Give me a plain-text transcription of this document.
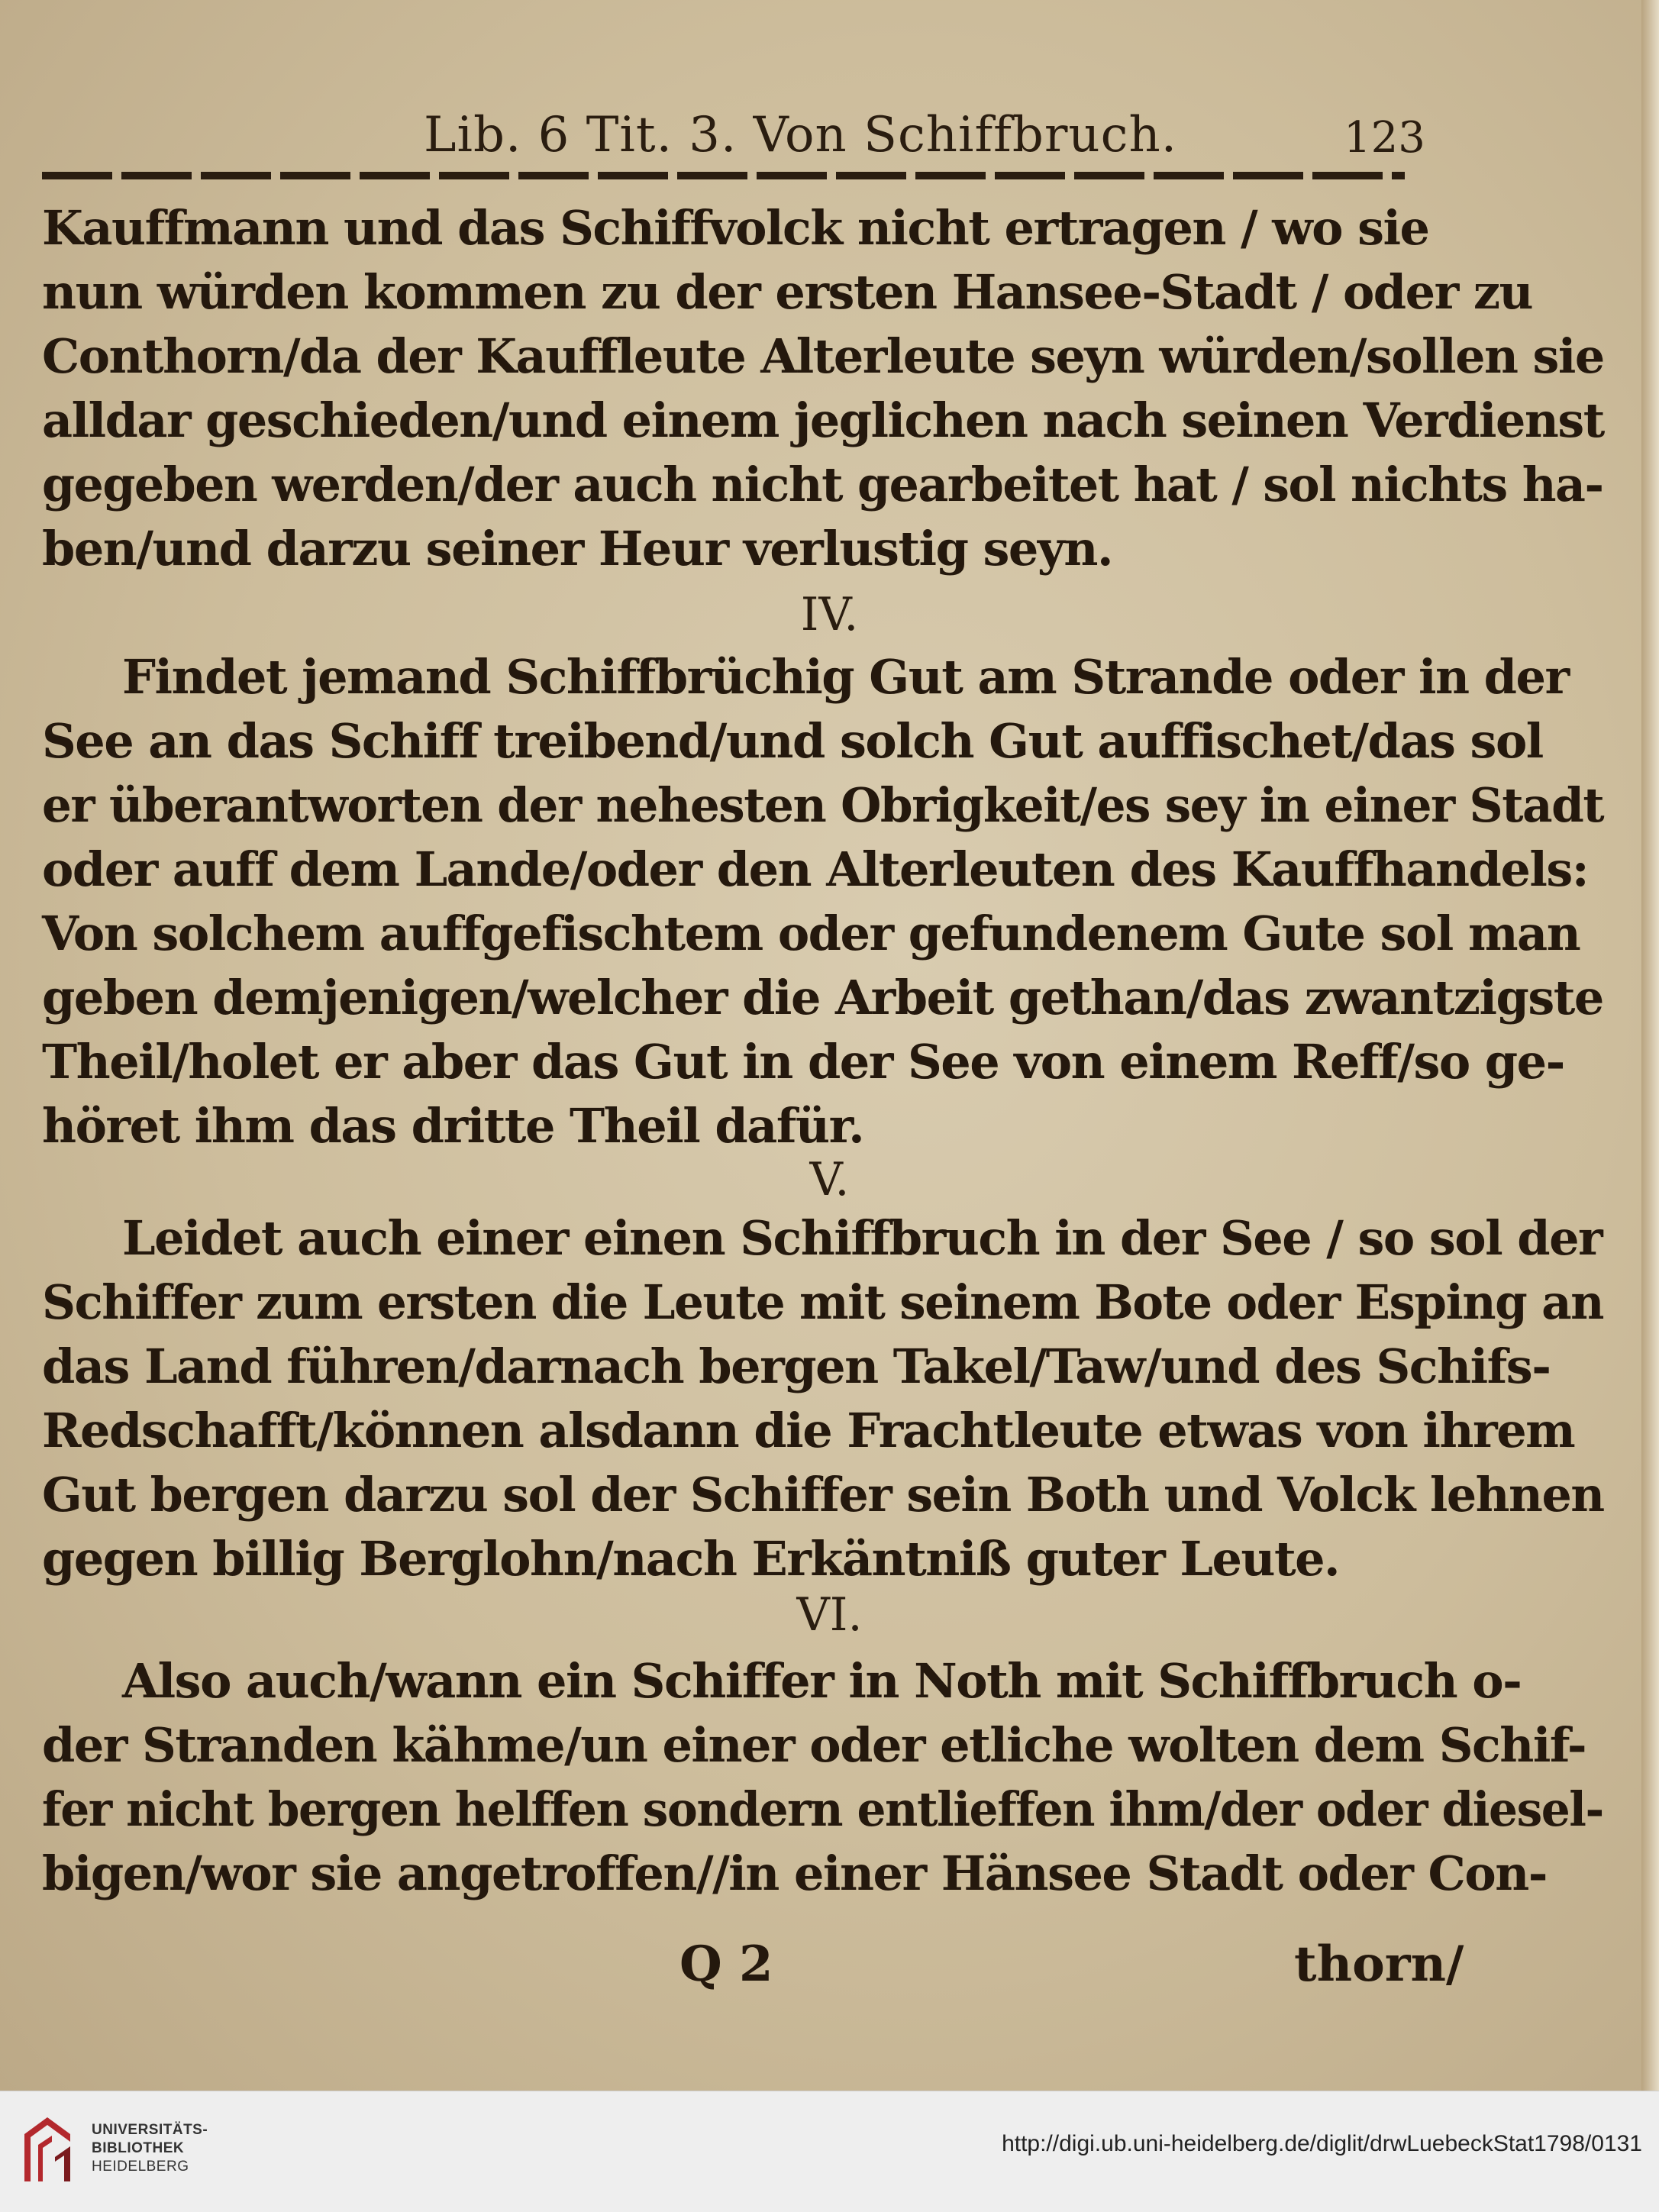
Lib. 6 Tit. 3. Von Schiffbruch.	123
Kauffmann und das Schiffvolck nicht ertragen / wo sie
nun würden kommen zu der ersten Hansee-Stadt / oder zu
Conthorn/da der Kauffleute Alterleute seyn würden/sollen sie
alldar geschieden/und einem jeglichen nach seinen Verdienst
gegeben werden/der auch nicht gearbeitet hat / sol nichts ha-
ben/und darzu seiner Heur verlustig seyn.
IV.
Findet jemand Schiffbrüchig Gut am Strande oder in der
See an das Schiff treibend/und solch Gut auffischet/das sol
er überantworten der nehesten Obrigkeit/es sey in einer Stadt
oder auff dem Lande/oder den Alterleuten des Kauffhandels:
Von solchem auffgefischtem oder gefundenem Gute sol man
geben demjenigen/welcher die Arbeit gethan/das zwantzigste
Theil/holet er aber das Gut in der See von einem Reff/so ge-
höret ihm das dritte Theil dafür.
V.
Leidet auch einer einen Schiffbruch in der See / so sol der
Schiffer zum ersten die Leute mit seinem Bote oder Esping an
das Land führen/darnach bergen Takel/Taw/und des Schifs-
Redschafft/können alsdann die Frachtleute etwas von ihrem
Gut bergen darzu sol der Schiffer sein Both und Volck lehnen
gegen billig Berglohn/nach Erkäntniß guter Leute.
VI.
Also auch/wann ein Schiffer in Noth mit Schiffbruch o-
der Stranden kähme/un einer oder etliche wolten dem Schif-
fer nicht bergen helffen sondern entlieffen ihm/der oder diesel-
bigen/wor sie angetroffen//in einer Hänsee Stadt oder Con-
Q 2	thorn/
UNIVERSITÄTS-
BIBLIOTHEK
HEIDELBERG
http://digi.ub.uni-heidelberg.de/diglit/drwLuebeckStat1798/0131
